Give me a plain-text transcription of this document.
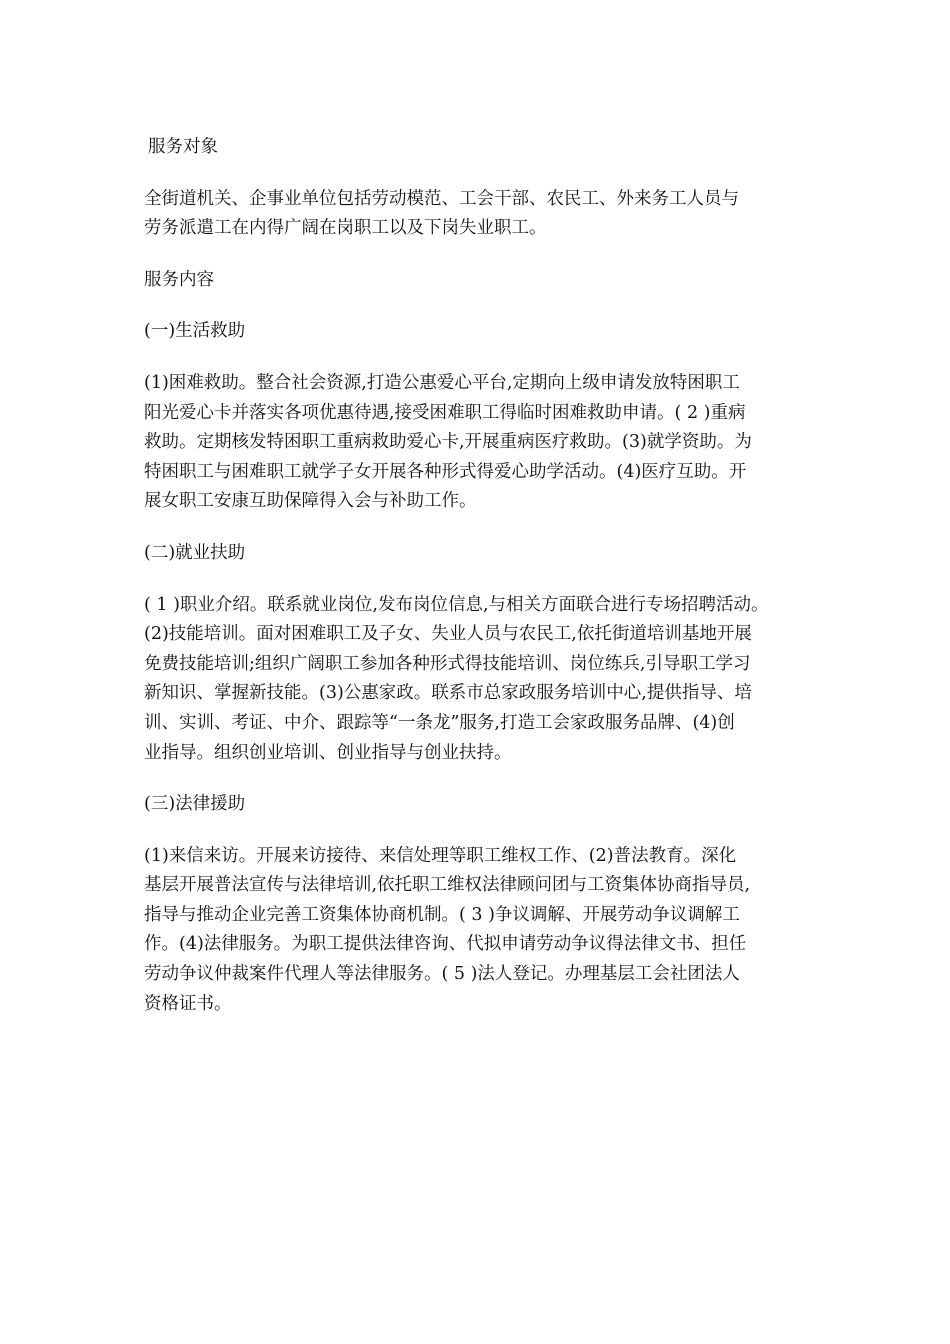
服务对象
全街道机关、企事业单位包括劳动模范、工会干部、农民工、外来务工人员与
劳务派遣工在内得广阔在岗职工以及下岗失业职工。
服务内容
(一)生活救助
(1)困难救助。整合社会资源,打造公惠爱心平台,定期向上级申请发放特困职工
阳光爱心卡并落实各项优惠待遇,接受困难职工得临时困难救助申请。( 2 )重病
救助。定期核发特困职工重病救助爱心卡,开展重病医疗救助。(3)就学资助。为
特困职工与困难职工就学子女开展各种形式得爱心助学活动。(4)医疗互助。开
展女职工安康互助保障得入会与补助工作。
(二)就业扶助
( 1 )职业介绍。联系就业岗位,发布岗位信息,与相关方面联合进行专场招聘活动。
(2)技能培训。面对困难职工及子女、失业人员与农民工,依托街道培训基地开展
免费技能培训;组织广阔职工参加各种形式得技能培训、岗位练兵,引导职工学习
新知识、掌握新技能。(3)公惠家政。联系市总家政服务培训中心,提供指导、培
训、实训、考证、中介、跟踪等“一条龙”服务,打造工会家政服务品牌、(4)创
业指导。组织创业培训、创业指导与创业扶持。
(三)法律援助
(1)来信来访。开展来访接待、来信处理等职工维权工作、(2)普法教育。深化
基层开展普法宣传与法律培训,依托职工维权法律顾问团与工资集体协商指导员,
指导与推动企业完善工资集体协商机制。( 3 )争议调解、开展劳动争议调解工
作。(4)法律服务。为职工提供法律咨询、代拟申请劳动争议得法律文书、担任
劳动争议仲裁案件代理人等法律服务。( 5 )法人登记。办理基层工会社团法人
资格证书。
